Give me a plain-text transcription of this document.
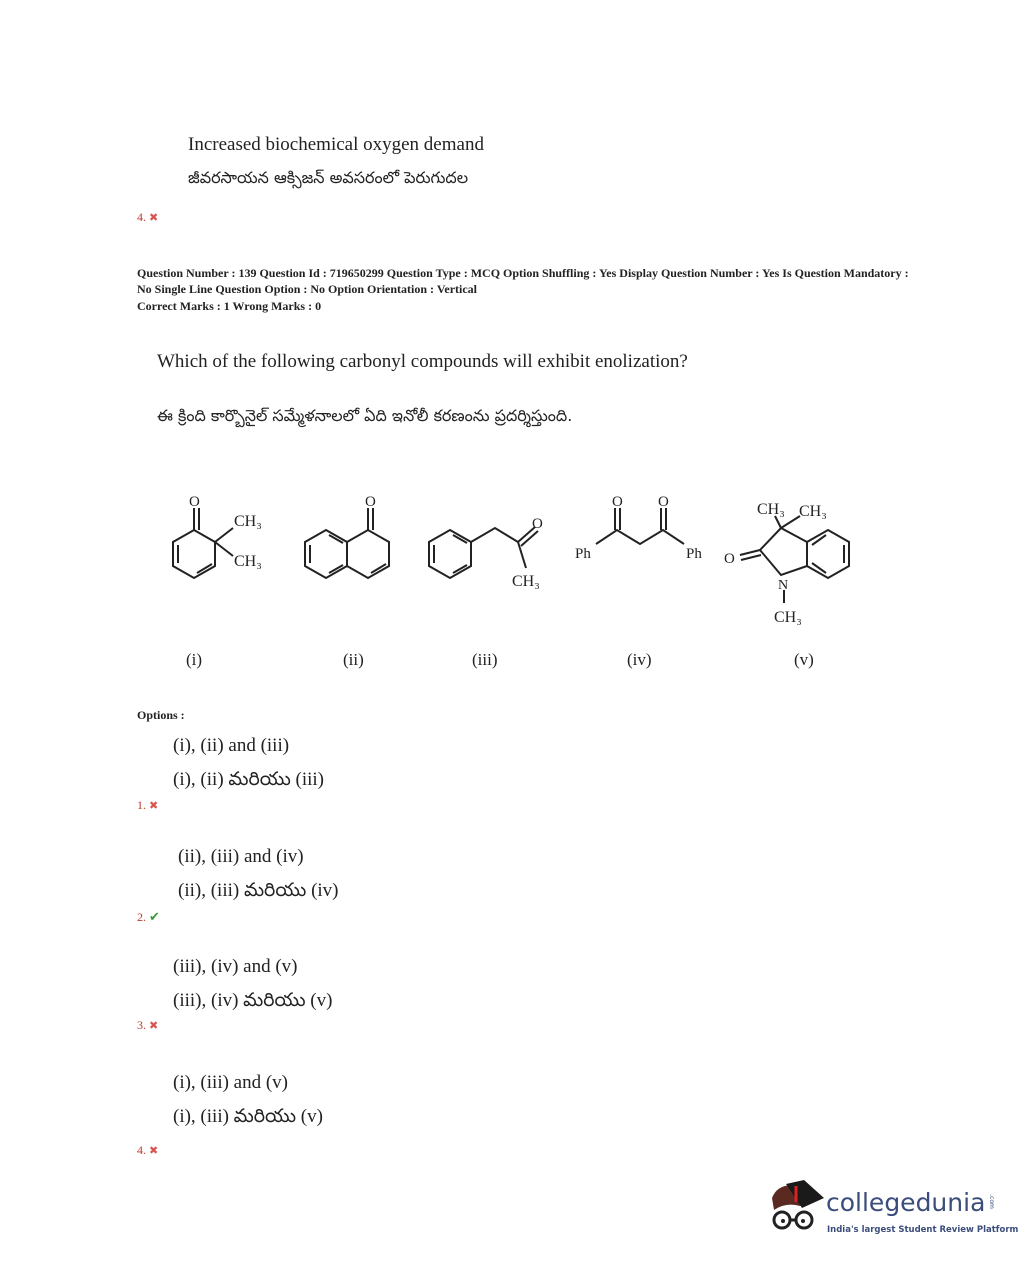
Increased biochemical oxygen demand
జీవరసాయన ఆక్సిజన్ అవసరంలో పెరుగుదల
4. ✖
Question Number : 139 Question Id : 719650299 Question Type : MCQ Option Shuffling : Yes Display Question Number : Yes Is Question Mandatory : No Single Line Question Option : No Option Orientation : Vertical
Correct Marks : 1 Wrong Marks : 0
Which of the following carbonyl compounds will exhibit enolization?
ఈ క్రింది కార్బొనైల్ సమ్మేళనాలలో ఏది ఇనోలీ కరణంను ప్రదర్శిస్తుంది.
O
CH₃
CH₃
O
O
CH₃
O O
Ph	Ph O
N
CH₃
CH₃ CH₃
(i)	(ii)	(iii)	(iv)	(v)
Options :
(i), (ii) and (iii)
(i), (ii) మరియు (iii)
1. ✖
(ii), (iii) and (iv)
(ii), (iii) మరియు (iv)
2. ✔
(iii), (iv) and (v)
(iii), (iv) మరియు (v)
3. ✖
(i), (iii) and (v)
(i), (iii) మరియు (v)
4. ✖
collegedunia .com
India's largest Student Review Platform
